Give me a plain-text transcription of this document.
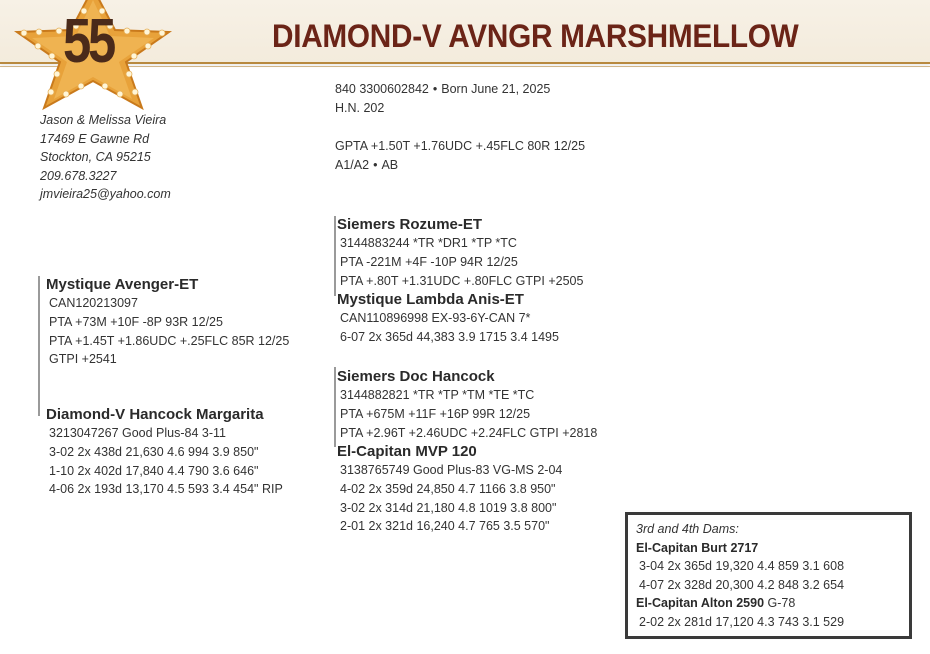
55	DIAMOND-V AVNGR MARSHMELLOW
Jason & Melissa Vieira
17469 E Gawne Rd
Stockton, CA 95215
209.678.3227
jmvieira25@yahoo.com
840 3300602842 • Born June 21, 2025
H.N. 202
GPTA +1.50T +1.76UDC +.45FLC 80R 12/25
A1/A2 • AB
Siemers Rozume-ET
3144883244 *TR *DR1 *TP *TC
PTA -221M +4F -10P 94R 12/25
PTA +.80T +1.31UDC +.80FLC GTPI +2505
Mystique Lambda Anis-ET
CAN110896998 EX-93-6Y-CAN 7*
6-07 2x 365d 44,383 3.9 1715 3.4 1495
Mystique Avenger-ET
CAN120213097
PTA +73M +10F -8P 93R 12/25
PTA +1.45T +1.86UDC +.25FLC 85R 12/25
GTPI +2541
Diamond-V Hancock Margarita
3213047267 Good Plus-84 3-11
3-02 2x 438d 21,630 4.6 994 3.9 850"
1-10 2x 402d 17,840 4.4 790 3.6 646"
4-06 2x 193d 13,170 4.5 593 3.4 454" RIP
Siemers Doc Hancock
3144882821 *TR *TP *TM *TE *TC
PTA +675M +11F +16P 99R 12/25
PTA +2.96T +2.46UDC +2.24FLC GTPI +2818
El-Capitan MVP 120
3138765749 Good Plus-83 VG-MS 2-04
4-02 2x 359d 24,850 4.7 1166 3.8 950"
3-02 2x 314d 21,180 4.8 1019 3.8 800"
2-01 2x 321d 16,240 4.7 765 3.5 570"	3rd and 4th Dams:
El-Capitan Burt 2717
3-04 2x 365d 19,320 4.4 859 3.1 608
4-07 2x 328d 20,300 4.2 848 3.2 654
El-Capitan Alton 2590 G-78
2-02 2x 281d 17,120 4.3 743 3.1 529
